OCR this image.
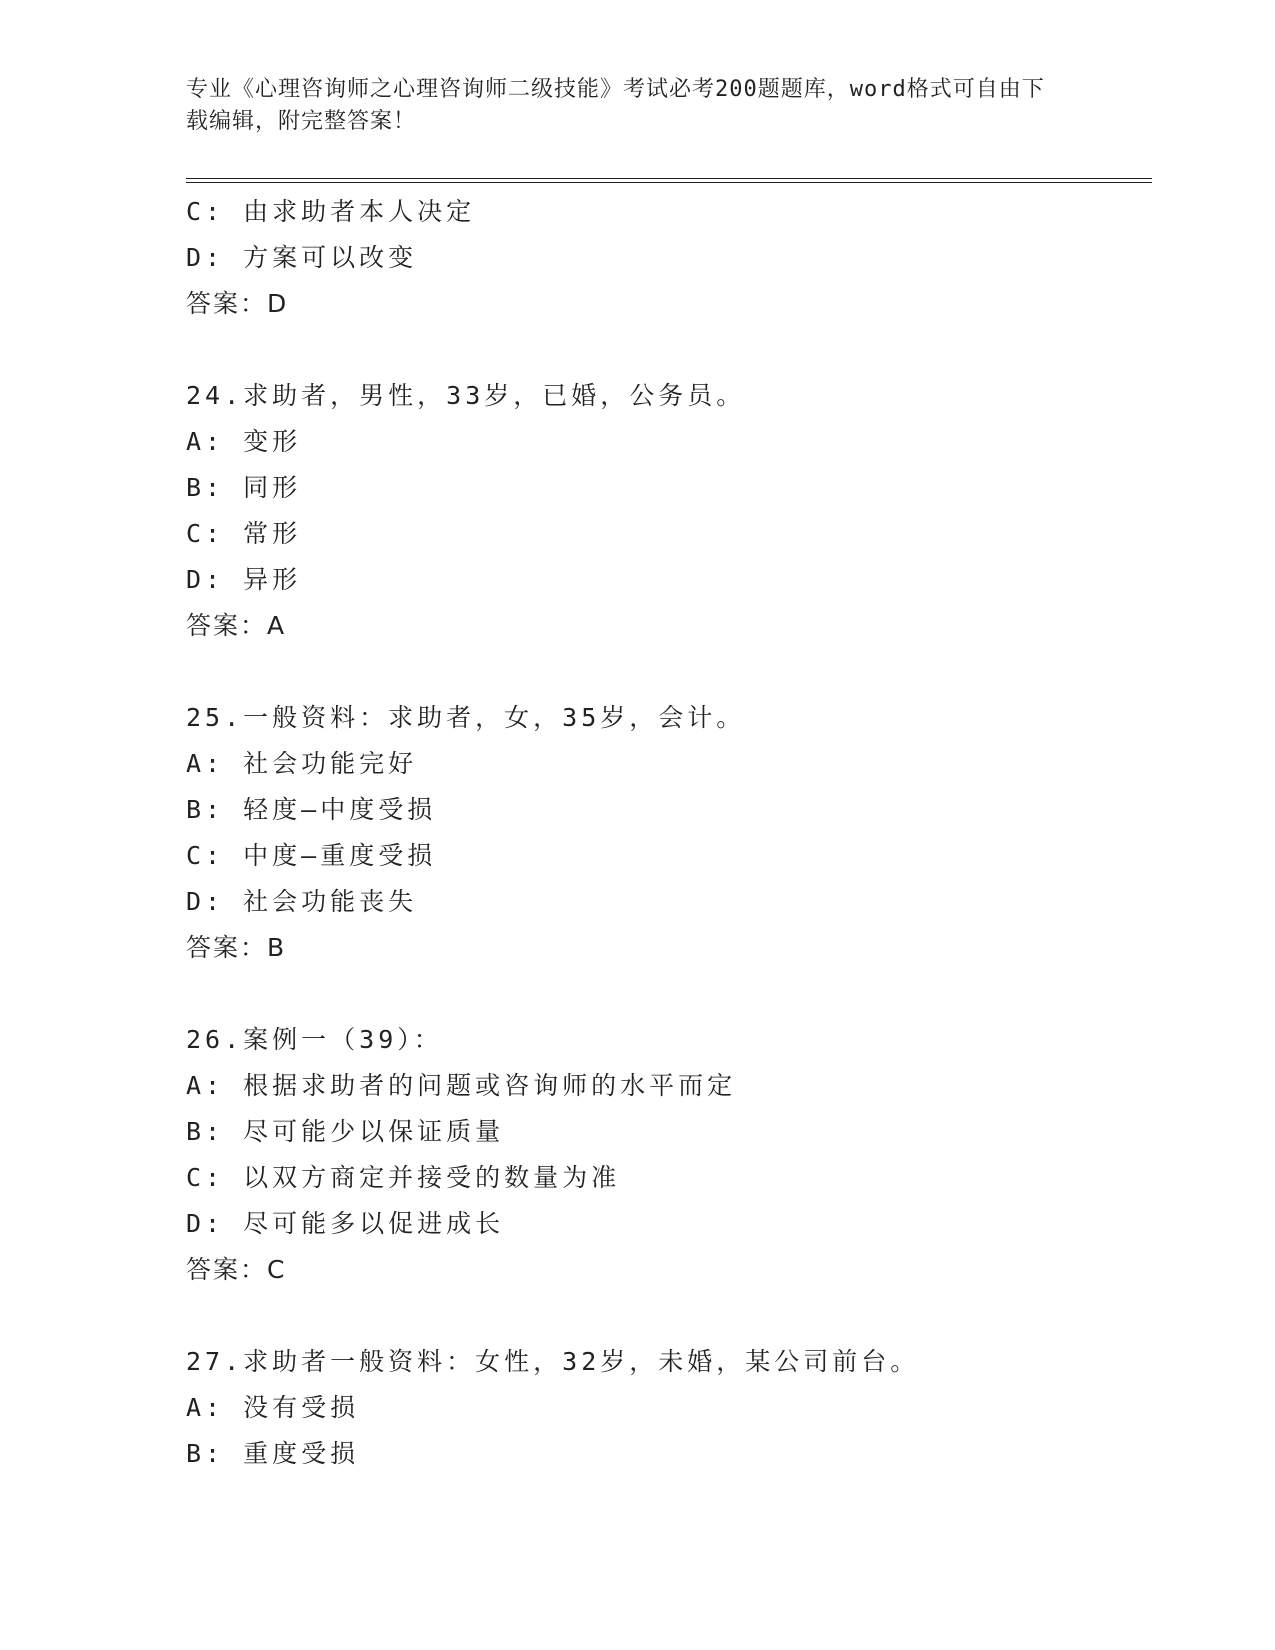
专业《心理咨询师之心理咨询师二级技能》考试必考200题题库，word格式可自由下载编辑，附完整答案！
C: 由求助者本人决定
D: 方案可以改变
答案：D
24.求助者，男性，33岁，已婚，公务员。
A: 变形
B: 同形
C: 常形
D: 异形
答案：A
25.一般资料：求助者，女，35岁，会计。
A: 社会功能完好
B: 轻度—中度受损
C: 中度—重度受损
D: 社会功能丧失
答案：B
26.案例一（39）：
A: 根据求助者的问题或咨询师的水平而定
B: 尽可能少以保证质量
C: 以双方商定并接受的数量为准
D: 尽可能多以促进成长
答案：C
27.求助者一般资料：女性，32岁，未婚，某公司前台。
A: 没有受损
B: 重度受损
